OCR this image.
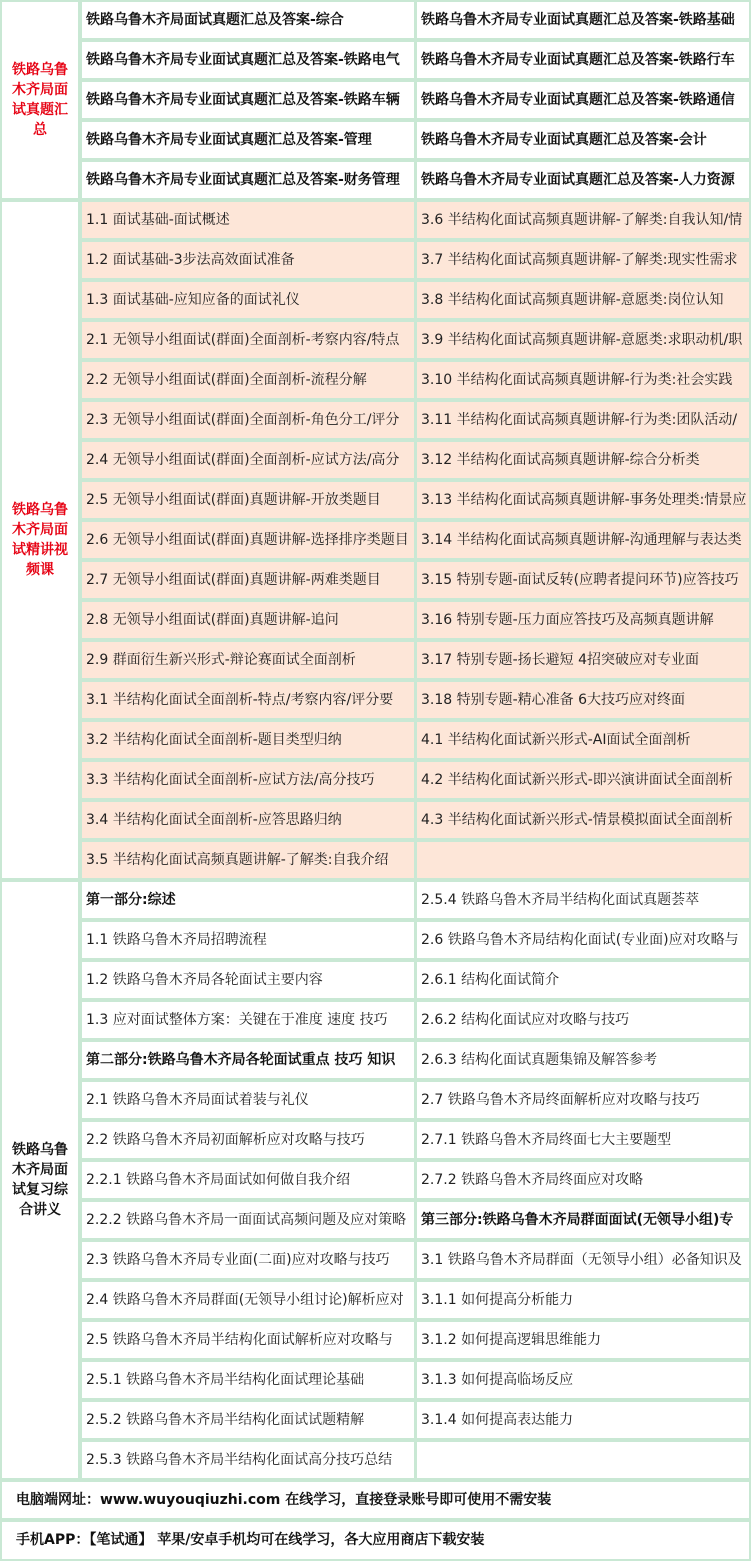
铁路乌鲁木齐局面试真题汇总
铁路乌鲁木齐局面试真题汇总及答案-综合
铁路乌鲁木齐局专业面试真题汇总及答案-铁路电气
铁路乌鲁木齐局专业面试真题汇总及答案-铁路车辆
铁路乌鲁木齐局专业面试真题汇总及答案-管理
铁路乌鲁木齐局专业面试真题汇总及答案-财务管理
铁路乌鲁木齐局专业面试真题汇总及答案-铁路基础
铁路乌鲁木齐局专业面试真题汇总及答案-铁路行车
铁路乌鲁木齐局专业面试真题汇总及答案-铁路通信
铁路乌鲁木齐局专业面试真题汇总及答案-会计
铁路乌鲁木齐局专业面试真题汇总及答案-人力资源
铁路乌鲁木齐局面试精讲视频课
1.1 面试基础-面试概述
1.2 面试基础-3步法高效面试准备
1.3 面试基础-应知应备的面试礼仪
2.1 无领导小组面试(群面)全面剖析-考察内容/特点
2.2 无领导小组面试(群面)全面剖析-流程分解
2.3 无领导小组面试(群面)全面剖析-角色分工/评分
2.4 无领导小组面试(群面)全面剖析-应试方法/高分
2.5 无领导小组面试(群面)真题讲解-开放类题目
2.6 无领导小组面试(群面)真题讲解-选择排序类题目
2.7 无领导小组面试(群面)真题讲解-两难类题目
2.8 无领导小组面试(群面)真题讲解-追问
2.9 群面衍生新兴形式-辩论赛面试全面剖析
3.1 半结构化面试全面剖析-特点/考察内容/评分要
3.2 半结构化面试全面剖析-题目类型归纳
3.3 半结构化面试全面剖析-应试方法/高分技巧
3.4 半结构化面试全面剖析-应答思路归纳
3.5 半结构化面试高频真题讲解-了解类:自我介绍
3.6 半结构化面试高频真题讲解-了解类:自我认知/情
3.7 半结构化面试高频真题讲解-了解类:现实性需求
3.8 半结构化面试高频真题讲解-意愿类:岗位认知
3.9 半结构化面试高频真题讲解-意愿类:求职动机/职
3.10 半结构化面试高频真题讲解-行为类:社会实践
3.11 半结构化面试高频真题讲解-行为类:团队活动/
3.12 半结构化面试高频真题讲解-综合分析类
3.13 半结构化面试高频真题讲解-事务处理类:情景应
3.14 半结构化面试高频真题讲解-沟通理解与表达类
3.15 特别专题-面试反转(应聘者提问环节)应答技巧
3.16 特别专题-压力面应答技巧及高频真题讲解
3.17 特别专题-扬长避短 4招突破应对专业面
3.18 特别专题-精心准备 6大技巧应对终面
4.1 半结构化面试新兴形式-AI面试全面剖析
4.2 半结构化面试新兴形式-即兴演讲面试全面剖析
4.3 半结构化面试新兴形式-情景模拟面试全面剖析
铁路乌鲁木齐局面试复习综合讲义
第一部分:综述
1.1 铁路乌鲁木齐局招聘流程
1.2 铁路乌鲁木齐局各轮面试主要内容
1.3 应对面试整体方案：关键在于准度 速度 技巧
第二部分:铁路乌鲁木齐局各轮面试重点 技巧 知识
2.1 铁路乌鲁木齐局面试着装与礼仪
2.2 铁路乌鲁木齐局初面解析应对攻略与技巧
2.2.1 铁路乌鲁木齐局面试如何做自我介绍
2.2.2 铁路乌鲁木齐局一面面试高频问题及应对策略
2.3 铁路乌鲁木齐局专业面(二面)应对攻略与技巧
2.4 铁路乌鲁木齐局群面(无领导小组讨论)解析应对
2.5 铁路乌鲁木齐局半结构化面试解析应对攻略与
2.5.1 铁路乌鲁木齐局半结构化面试理论基础
2.5.2 铁路乌鲁木齐局半结构化面试试题精解
2.5.3 铁路乌鲁木齐局半结构化面试高分技巧总结
2.5.4 铁路乌鲁木齐局半结构化面试真题荟萃
2.6 铁路乌鲁木齐局结构化面试(专业面)应对攻略与
2.6.1 结构化面试简介
2.6.2 结构化面试应对攻略与技巧
2.6.3 结构化面试真题集锦及解答参考
2.7 铁路乌鲁木齐局终面解析应对攻略与技巧
2.7.1 铁路乌鲁木齐局终面七大主要题型
2.7.2 铁路乌鲁木齐局终面应对攻略
第三部分:铁路乌鲁木齐局群面面试(无领导小组)专
3.1 铁路乌鲁木齐局群面（无领导小组）必备知识及
3.1.1 如何提高分析能力
3.1.2 如何提高逻辑思维能力
3.1.3 如何提高临场反应
3.1.4 如何提高表达能力
电脑端网址：www.wuyouqiuzhi.com 在线学习，直接登录账号即可使用不需安装
手机APP：【笔试通】 苹果/安卓手机均可在线学习，各大应用商店下载安装
